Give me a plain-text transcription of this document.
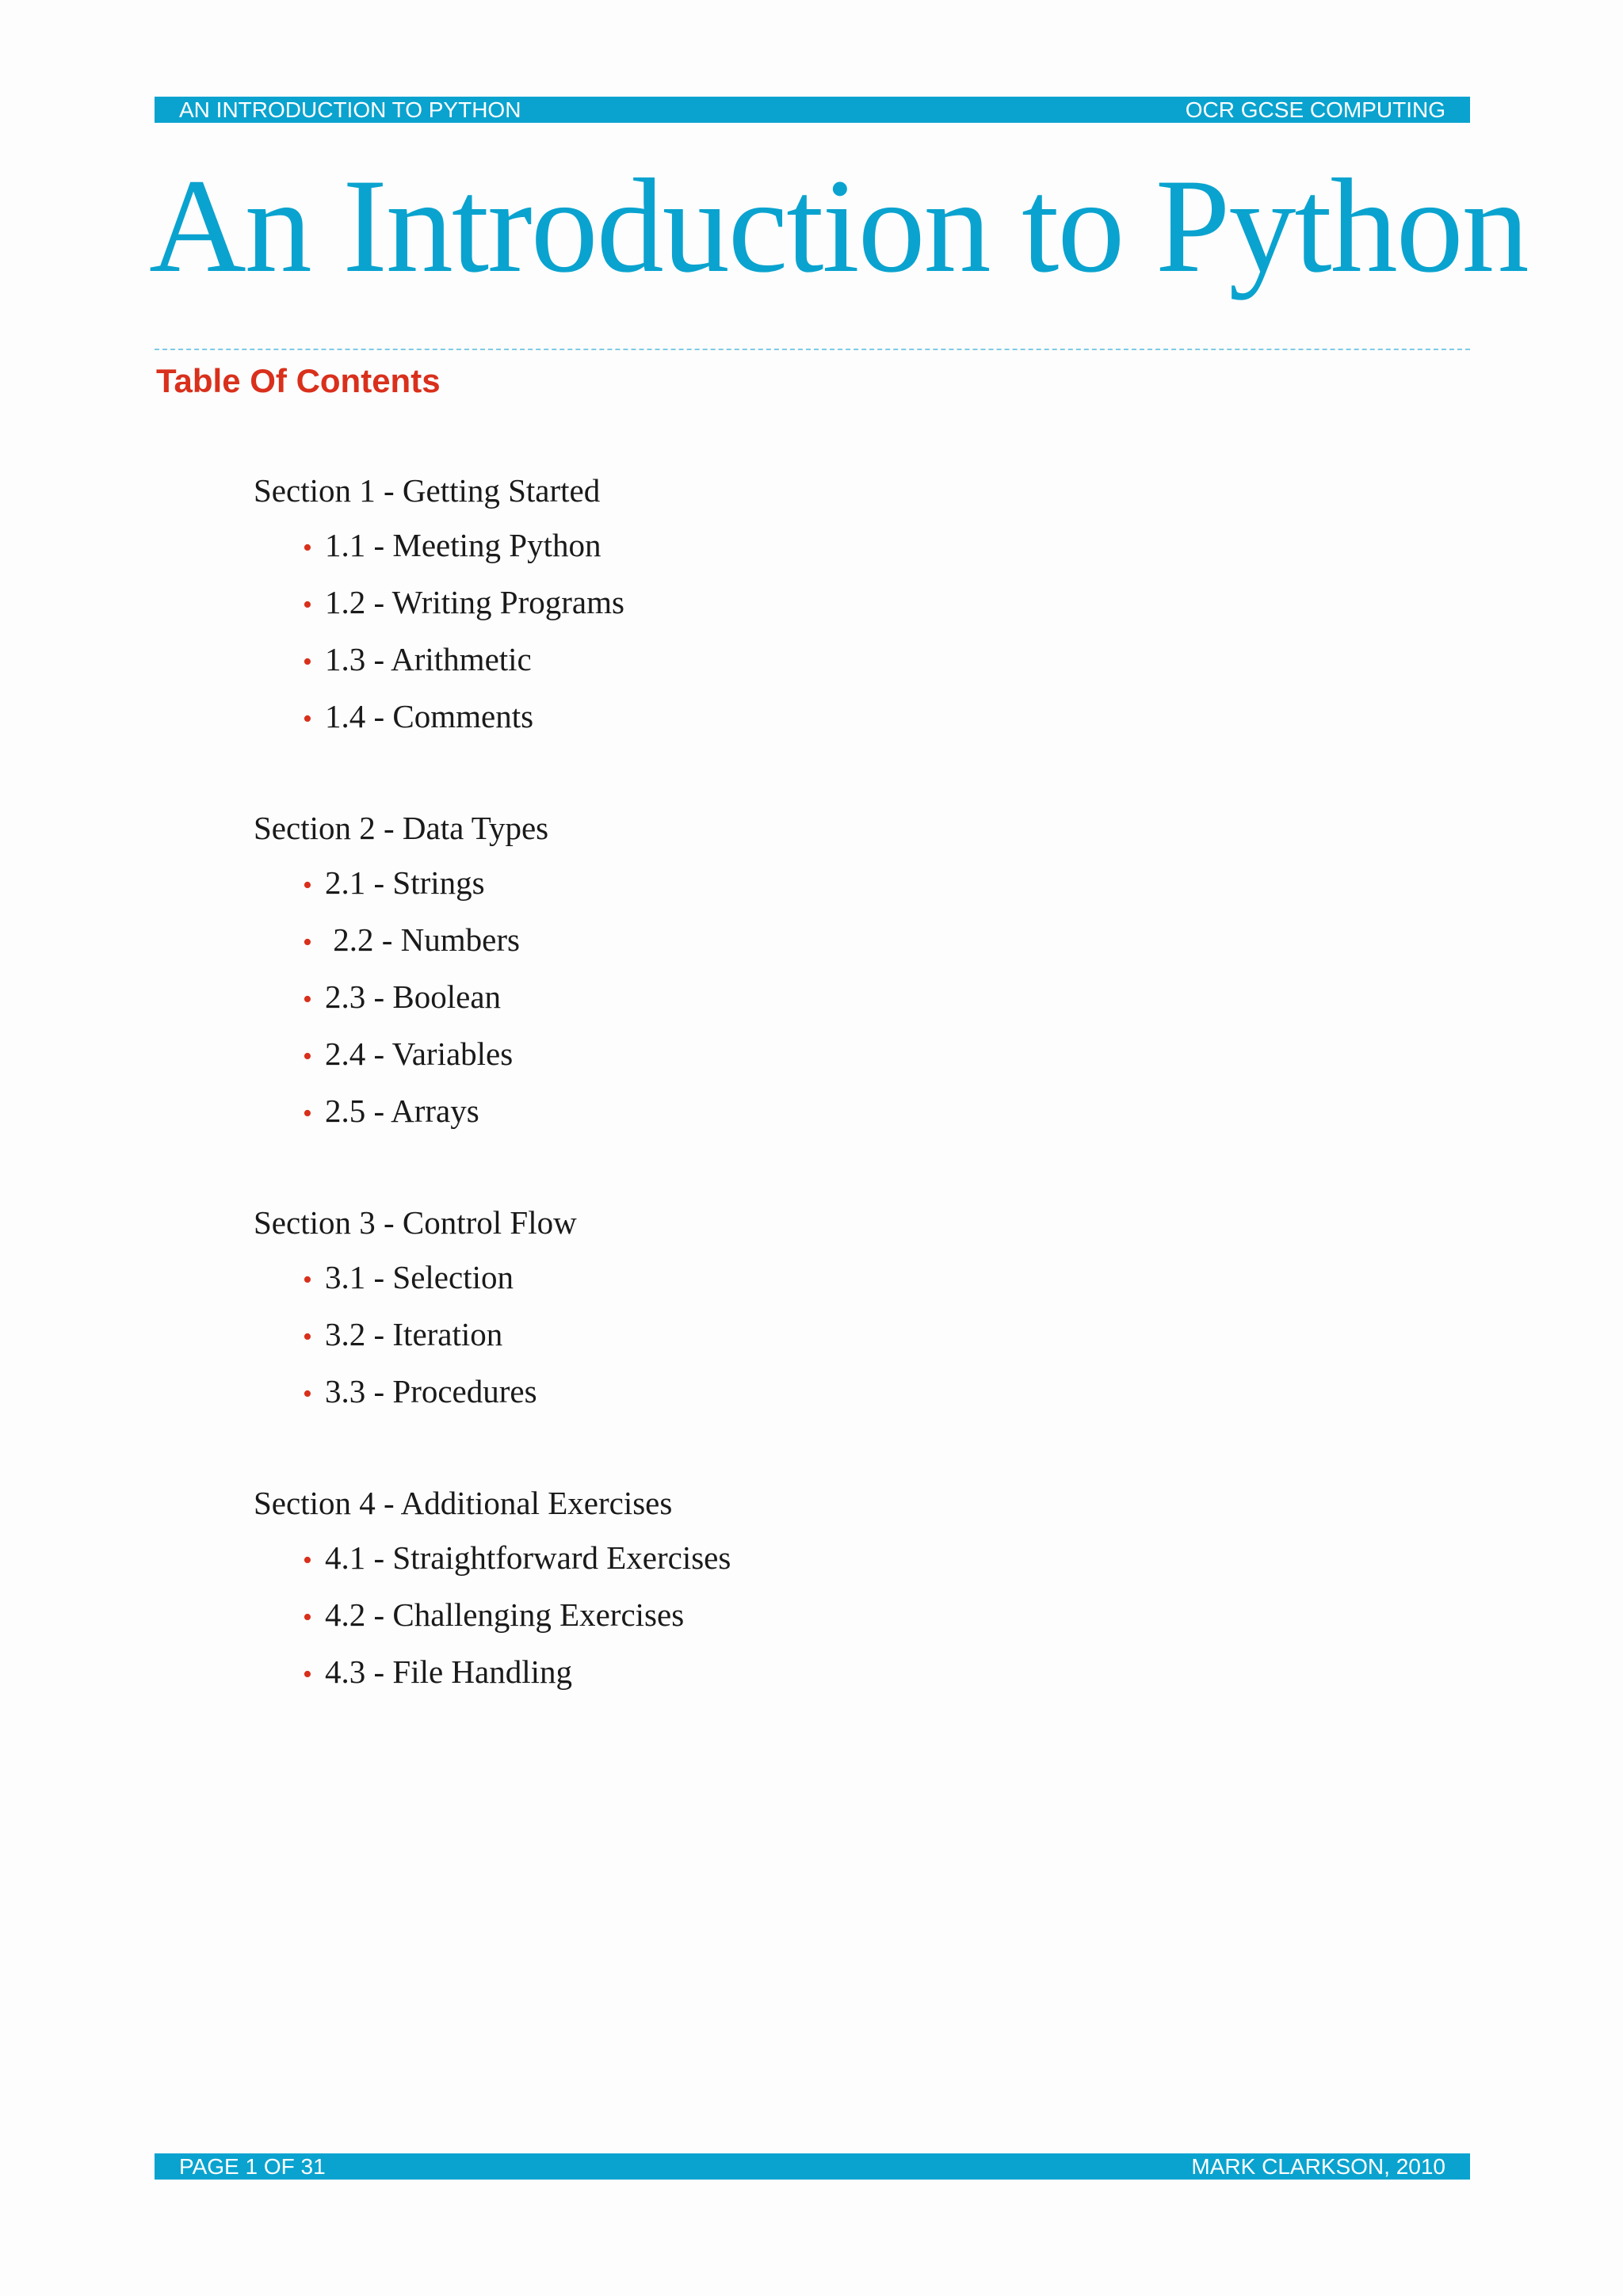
AN INTRODUCTION TO PYTHON	OCR GCSE COMPUTING
An Introduction to Python
Table Of Contents
Section 1 - Getting Started
• 1.1 - Meeting Python
• 1.2 - Writing Programs
• 1.3 - Arithmetic
• 1.4 - Comments
Section 2 - Data Types
• 2.1 - Strings
• 2.2 - Numbers
• 2.3 - Boolean
• 2.4 - Variables
• 2.5 - Arrays
Section 3 - Control Flow
• 3.1 - Selection
• 3.2 - Iteration
• 3.3 - Procedures
Section 4 - Additional Exercises
• 4.1 - Straightforward Exercises
• 4.2 - Challenging Exercises
• 4.3 - File Handling
PAGE 1 OF 31	MARK CLARKSON, 2010
